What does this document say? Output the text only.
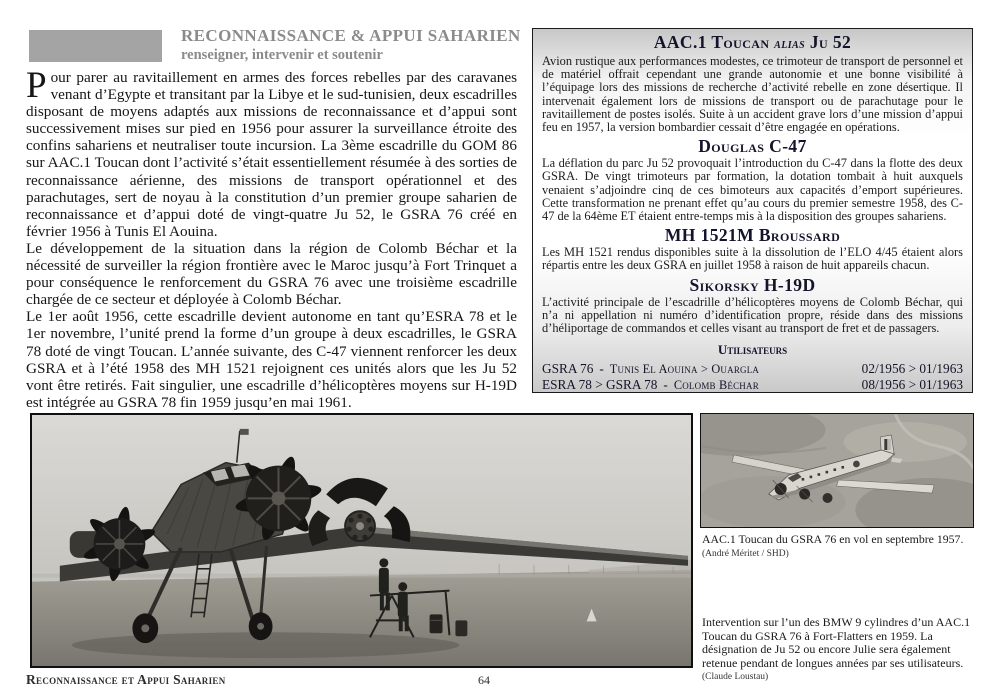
RECONNAISSANCE & APPUI SAHARIEN
renseigner, intervenir et soutenir

Pour parer au ravitaillement en armes des forces rebelles par des caravanes venant d’Egypte et transitant par la Libye et le sud-tunisien, deux escadrilles disposant de moyens adaptés aux missions de reconnaissance et d’appui sont successivement mises sur pied en 1956 pour assurer la surveillance étroite des confins sahariens et neutraliser toute incursion. La 3ème escadrille du GOM 86 sur AAC.1 Toucan dont l’activité s’était essentiellement résumée à des sorties de reconnaissance aérienne, des missions de transport opérationnel et des parachutages, sert de noyau à la constitution d’un premier groupe saharien de reconnaissance et d’appui doté de vingt-quatre Ju 52, le GSRA 76 créé en février 1956 à Tunis El Aouina.

Le développement de la situation dans la région de Colomb Béchar et la nécessité de surveiller la région frontière avec le Maroc jusqu’à Fort Trinquet a pour conséquence le renforcement du GSRA 76 avec une troisième escadrille chargée de ce secteur et déployée à Colomb Béchar.

Le 1er août 1956, cette escadrille devient autonome en tant qu’ESRA 78 et le 1er novembre, l’unité prend la forme d’un groupe à deux escadrilles, le GSRA 78 doté de vingt Toucan. L’année suivante, des C-47 viennent renforcer les deux GSRA et à l’été 1958 des MH 1521 rejoignent ces unités alors que les Ju 52 vont être retirés. Fait singulier, une escadrille d’hélicoptères moyens sur H-19D est intégrée au GSRA 78 fin 1959 jusqu’en mai 1961.

AAC.1 Toucan alias Ju 52
Avion rustique aux performances modestes, ce trimoteur de transport de personnel et de matériel offrait cependant une grande autonomie et une bonne visibilité à l’équipage lors des missions de recherche d’activité rebelle en zone désertique. Il intervenait également lors de missions de transport ou de parachutage pour le ravitaillement de postes isolés. Suite à un accident grave lors d’une mission d’appui feu en 1957, la version bombardier cessait d’être engagée en opérations.
Douglas C-47
La déflation du parc Ju 52 provoquait l’introduction du C-47 dans la flotte des deux GSRA. De vingt trimoteurs par formation, la dotation tombait à huit auxquels venaient s’adjoindre cinq de ces bimoteurs aux capacités d’emport supérieures. Cette transformation ne prenant effet qu’au cours du premier semestre 1958, des C-47 de la 64ème ET étaient entre-temps mis à la disposition des groupes sahariens.
MH 1521M Broussard
Les MH 1521 rendus disponibles suite à la dissolution de l’ELO 4/45 étaient alors répartis entre les deux GSRA en juillet 1958 à raison de huit appareils chacun.
Sikorsky H-19D
L’activité principale de l’escadrille d’hélicoptères moyens de Colomb Béchar, qui n’a ni appellation ni numéro d’identification propre, réside dans des missions d’héliportage de commandos et celles visant au transport de fret et de passagers.
Utilisateurs
GSRA 76 - Tunis El Aouina > Ouargla	02/1956 > 01/1963
ESRA 78 > GSRA 78 - Colomb Béchar	08/1956 > 01/1963
AAC.1 Toucan du GSRA 76 en vol en septembre 1957.
(André Méritet / SHD)
Intervention sur l’un des BMW 9 cylindres d’un AAC.1 Toucan du GSRA 76 à Fort-Flatters en 1959. La désignation de Ju 52 ou encore Julie sera également retenue pendant de longues années par ses utilisateurs.
(Claude Loustau)
Reconnaissance et Appui Saharien	64
